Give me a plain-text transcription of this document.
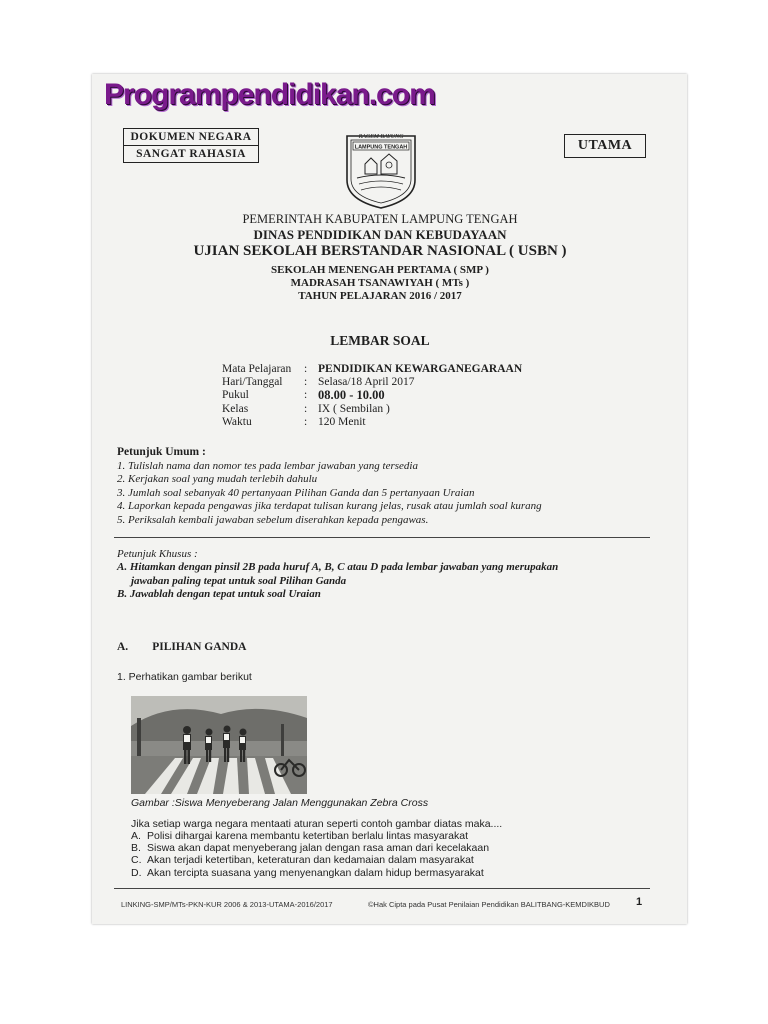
Programpendidikan.com
DOKUMEN NEGARA
SANGAT RAHASIA
UTAMA
RAGEM BAYUNG
LAMPUNG TENGAH
PEMERINTAH KABUPATEN LAMPUNG TENGAH
DINAS PENDIDIKAN DAN KEBUDAYAAN
UJIAN SEKOLAH BERSTANDAR NASIONAL ( USBN )
SEKOLAH MENENGAH PERTAMA ( SMP )
MADRASAH TSANAWIYAH ( MTs )
TAHUN PELAJARAN 2016 / 2017
LEMBAR SOAL
Mata Pelajaran	: PENDIDIKAN KEWARGANEGARAAN
Hari/Tanggal	: Selasa/18 April 2017
Pukul	: 08.00 - 10.00
Kelas	: IX ( Sembilan )
Waktu	: 120 Menit
Petunjuk Umum :
1. Tulislah nama dan nomor tes pada lembar jawaban yang tersedia
2. Kerjakan soal yang mudah terlebih dahulu
3. Jumlah soal sebanyak 40 pertanyaan Pilihan Ganda dan 5 pertanyaan Uraian
4. Laporkan kepada pengawas jika terdapat tulisan kurang jelas, rusak atau jumlah soal kurang
5. Periksalah kembali jawaban sebelum diserahkan kepada pengawas.
Petunjuk Khusus :
A. Hitamkan dengan pinsil 2B pada huruf A, B, C atau D pada lembar jawaban yang merupakan
jawaban paling tepat untuk soal Pilihan Ganda
B. Jawablah dengan tepat untuk soal Uraian
A. PILIHAN GANDA
1. Perhatikan gambar berikut
Gambar :Siswa Menyeberang Jalan Menggunakan Zebra Cross
Jika setiap warga negara mentaati aturan seperti contoh gambar diatas maka....
A. Polisi dihargai karena membantu ketertiban berlalu lintas masyarakat
B. Siswa akan dapat menyeberang jalan dengan rasa aman dari kecelakaan
C. Akan terjadi ketertiban, keteraturan dan kedamaian dalam masyarakat
D. Akan tercipta suasana yang menyenangkan dalam hidup bermasyarakat
LINKING-SMP/MTs-PKN-KUR 2006 & 2013-UTAMA-2016/2017	©Hak Cipta pada Pusat Penilaian Pendidikan BALITBANG-KEMDIKBUD 1
